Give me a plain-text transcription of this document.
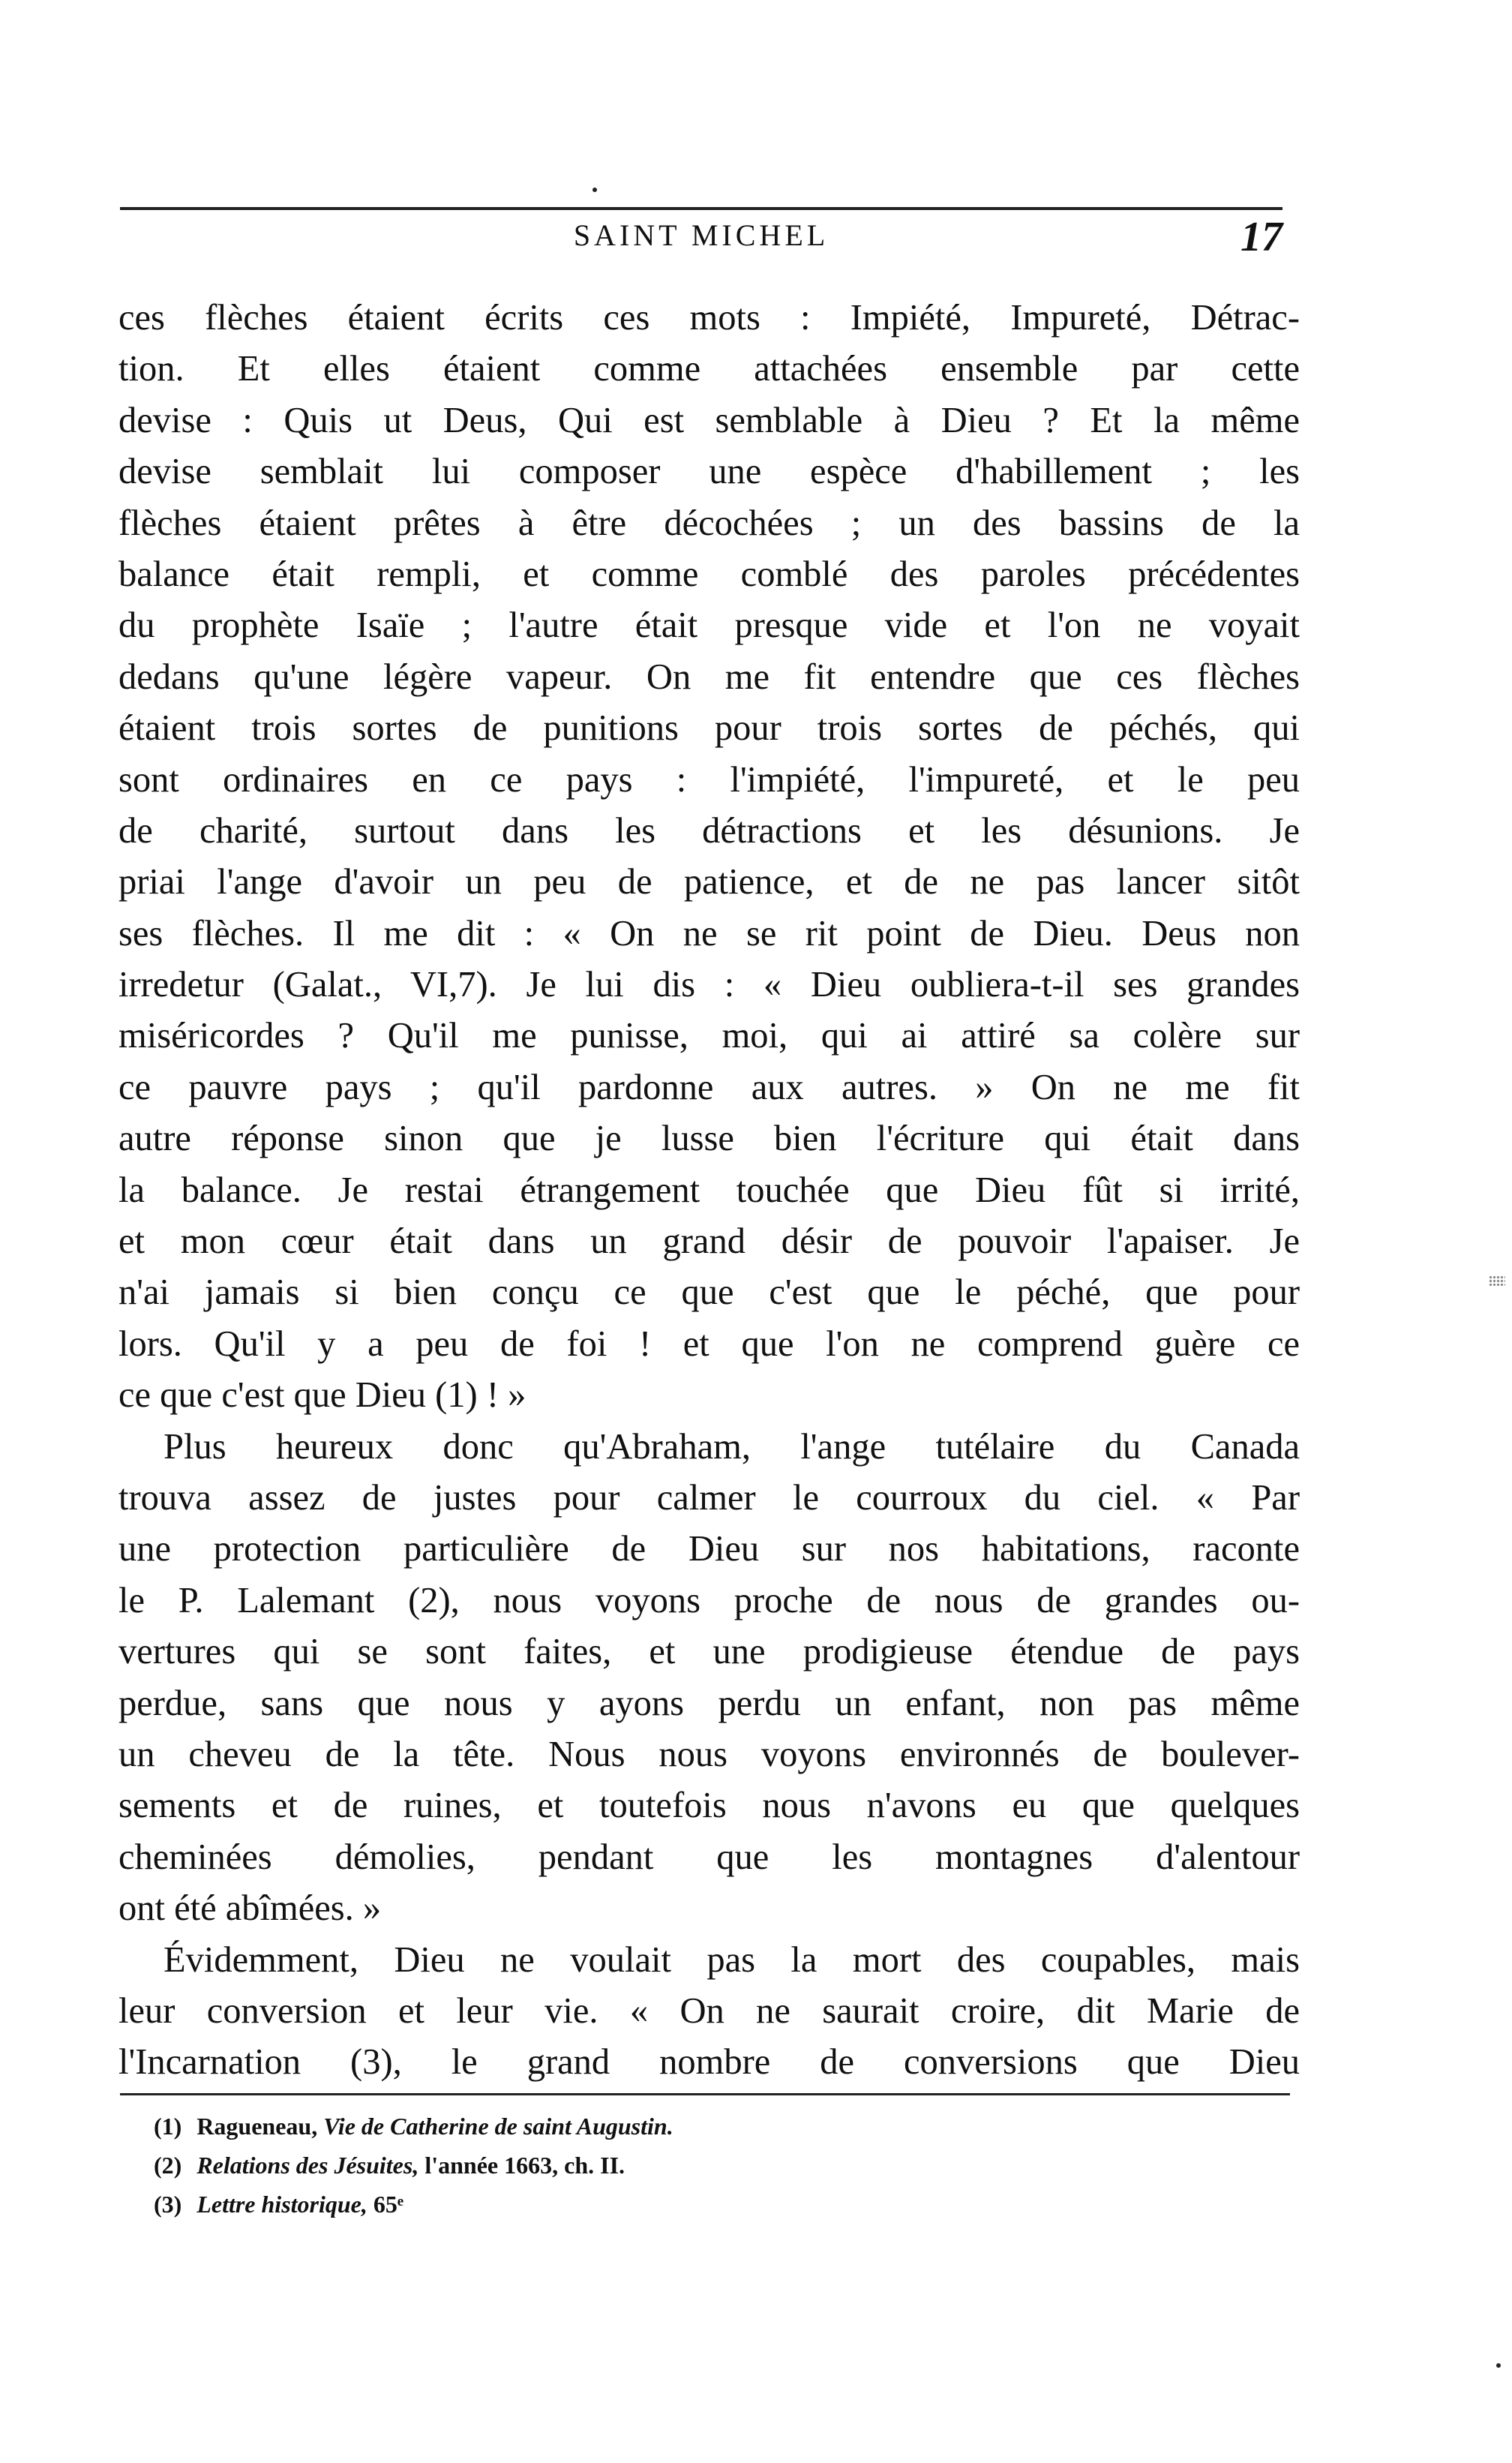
SAINT MICHEL	17
ces flèches étaient écrits ces mots : Impiété, Impureté, Détrac-
tion. Et elles étaient comme attachées ensemble par cette
devise : Quis ut Deus, Qui est semblable à Dieu ? Et la même
devise semblait lui composer une espèce d'habillement ; les
flèches étaient prêtes à être décochées ; un des bassins de la
balance était rempli, et comme comblé des paroles précédentes
du prophète Isaïe ; l'autre était presque vide et l'on ne voyait
dedans qu'une légère vapeur. On me fit entendre que ces flèches
étaient trois sortes de punitions pour trois sortes de péchés, qui
sont ordinaires en ce pays : l'impiété, l'impureté, et le peu
de charité, surtout dans les détractions et les désunions. Je
priai l'ange d'avoir un peu de patience, et de ne pas lancer sitôt
ses flèches. Il me dit : « On ne se rit point de Dieu. Deus non
irredetur (Galat., VI,7). Je lui dis : « Dieu oubliera-t-il ses grandes
miséricordes ? Qu'il me punisse, moi, qui ai attiré sa colère sur
ce pauvre pays ; qu'il pardonne aux autres. » On ne me fit
autre réponse sinon que je lusse bien l'écriture qui était dans
la balance. Je restai étrangement touchée que Dieu fût si irrité,
et mon cœur était dans un grand désir de pouvoir l'apaiser. Je
n'ai jamais si bien conçu ce que c'est que le péché, que pour
lors. Qu'il y a peu de foi ! et que l'on ne comprend guère ce
ce que c'est que Dieu (1) ! »
Plus heureux donc qu'Abraham, l'ange tutélaire du Canada
trouva assez de justes pour calmer le courroux du ciel. « Par
une protection particulière de Dieu sur nos habitations, raconte
le P. Lalemant (2), nous voyons proche de nous de grandes ou-
vertures qui se sont faites, et une prodigieuse étendue de pays
perdue, sans que nous y ayons perdu un enfant, non pas même
un cheveu de la tête. Nous nous voyons environnés de boulever-
sements et de ruines, et toutefois nous n'avons eu que quelques
cheminées démolies, pendant que les montagnes d'alentour
ont été abîmées. »
Évidemment, Dieu ne voulait pas la mort des coupables, mais
leur conversion et leur vie. « On ne saurait croire, dit Marie de
l'Incarnation (3), le grand nombre de conversions que Dieu
(1) Ragueneau, Vie de Catherine de saint Augustin.
(2) Relations des Jésuites, l'année 1663, ch. II.
(3) Lettre historique, 65ᵉ
